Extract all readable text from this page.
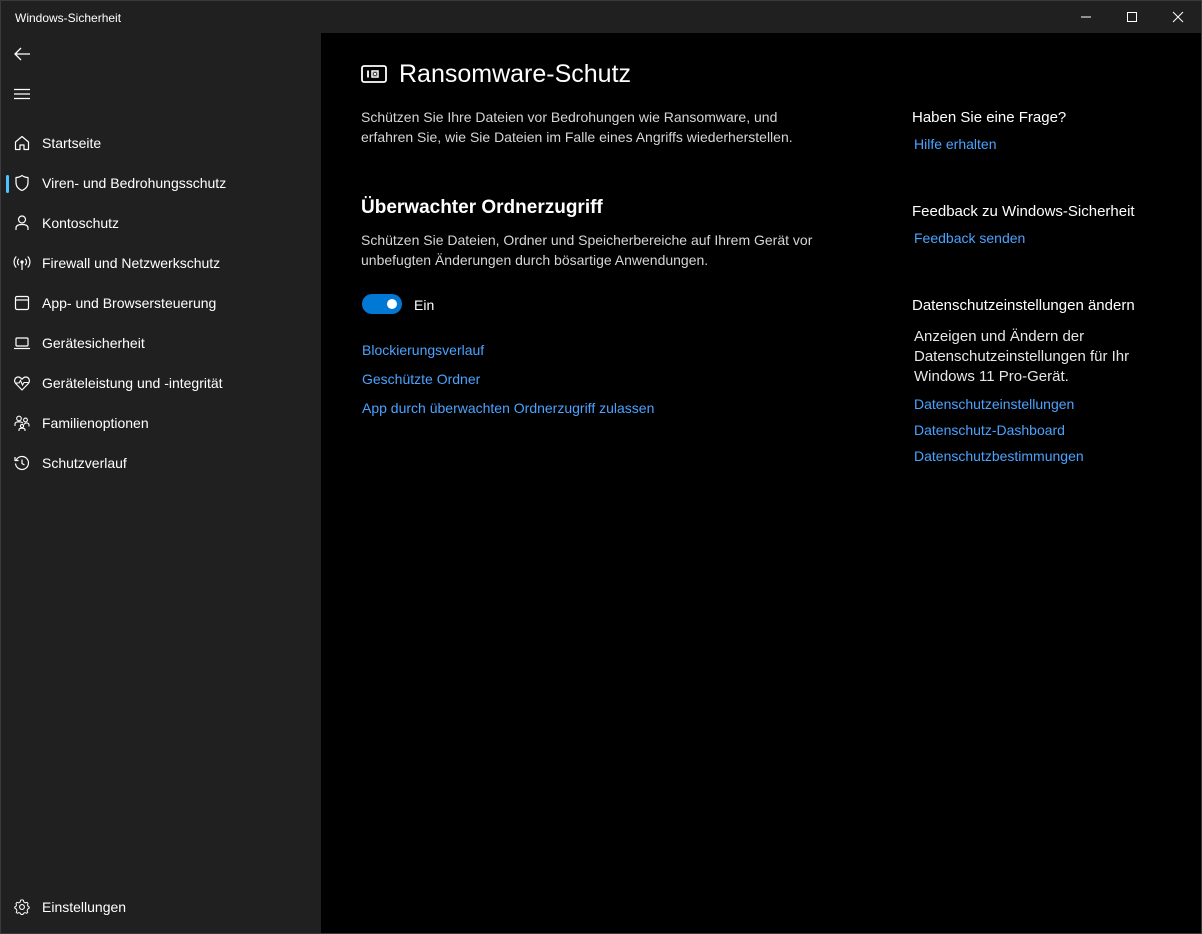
Windows-Sicherheit
Startseite
Viren- und Bedrohungsschutz
Kontoschutz
Firewall und Netzwerkschutz
App- und Browsersteuerung
Gerätesicherheit
Geräteleistung und -integrität
Familienoptionen
Schutzverlauf
Einstellungen
Ransomware-Schutz
Schützen Sie Ihre Dateien vor Bedrohungen wie Ransomware, und erfahren Sie, wie Sie Dateien im Falle eines Angriffs wiederherstellen.
Überwachter Ordnerzugriff
Schützen Sie Dateien, Ordner und Speicherbereiche auf Ihrem Gerät vor unbefugten Änderungen durch bösartige Anwendungen.
Ein
Blockierungsverlauf
Geschützte Ordner
App durch überwachten Ordnerzugriff zulassen
Haben Sie eine Frage?
Hilfe erhalten
Feedback zu Windows-Sicherheit
Feedback senden
Datenschutzeinstellungen ändern
Anzeigen und Ändern der Datenschutzeinstellungen für Ihr Windows 11 Pro-Gerät.
Datenschutzeinstellungen
Datenschutz-Dashboard
Datenschutzbestimmungen
